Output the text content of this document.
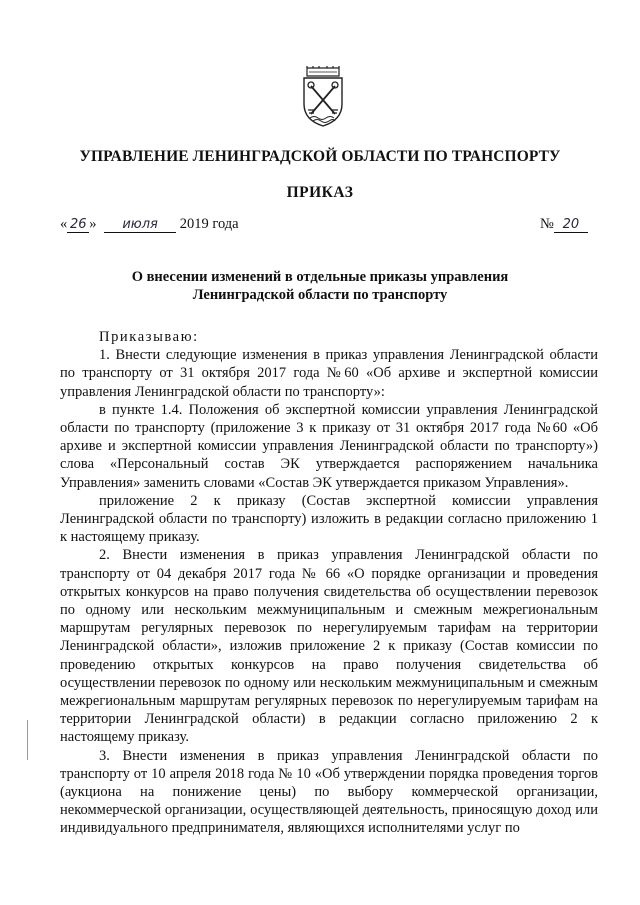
УПРАВЛЕНИЕ ЛЕНИНГРАДСКОЙ ОБЛАСТИ ПО ТРАНСПОРТУ
ПРИКАЗ
« 26 » июля 2019 года	№ 20
О внесении изменений в отдельные приказы управления
Ленинградской области по транспорту

Приказываю:

1. Внести следующие изменения в приказ управления Ленинградской области по транспорту от 31 октября 2017 года №60 «Об архиве и экспертной комиссии управления Ленинградской области по транспорту»:

в пункте 1.4. Положения об экспертной комиссии управления Ленинградской области по транспорту (приложение 3 к приказу от 31 октября 2017 года №60 «Об архиве и экспертной комиссии управления Ленинградской области по транспорту») слова «Персональный состав ЭК утверждается распоряжением начальника Управления» заменить словами «Состав ЭК утверждается приказом Управления».

приложение 2 к приказу (Состав экспертной комиссии управления Ленинградской области по транспорту) изложить в редакции согласно приложению 1 к настоящему приказу.

2. Внести изменения в приказ управления Ленинградской области по транспорту от 04 декабря 2017 года № 66 «О порядке организации и проведения открытых конкурсов на право получения свидетельства об осуществлении перевозок по одному или нескольким межмуниципальным и смежным межрегиональным маршрутам регулярных перевозок по нерегулируемым тарифам на территории Ленинградской области», изложив приложение 2 к приказу (Состав комиссии по проведению открытых конкурсов на право получения свидетельства об осуществлении перевозок по одному или нескольким межмуниципальным и смежным межрегиональным маршрутам регулярных перевозок по нерегулируемым тарифам на территории Ленинградской области) в редакции согласно приложению 2 к настоящему приказу.

3. Внести изменения в приказ управления Ленинградской области по транспорту от 10 апреля 2018 года № 10 «Об утверждении порядка проведения торгов (аукциона на понижение цены) по выбору коммерческой организации, некоммерческой организации, осуществляющей деятельность, приносящую доход или индивидуального предпринимателя, являющихся исполнителями услуг по
